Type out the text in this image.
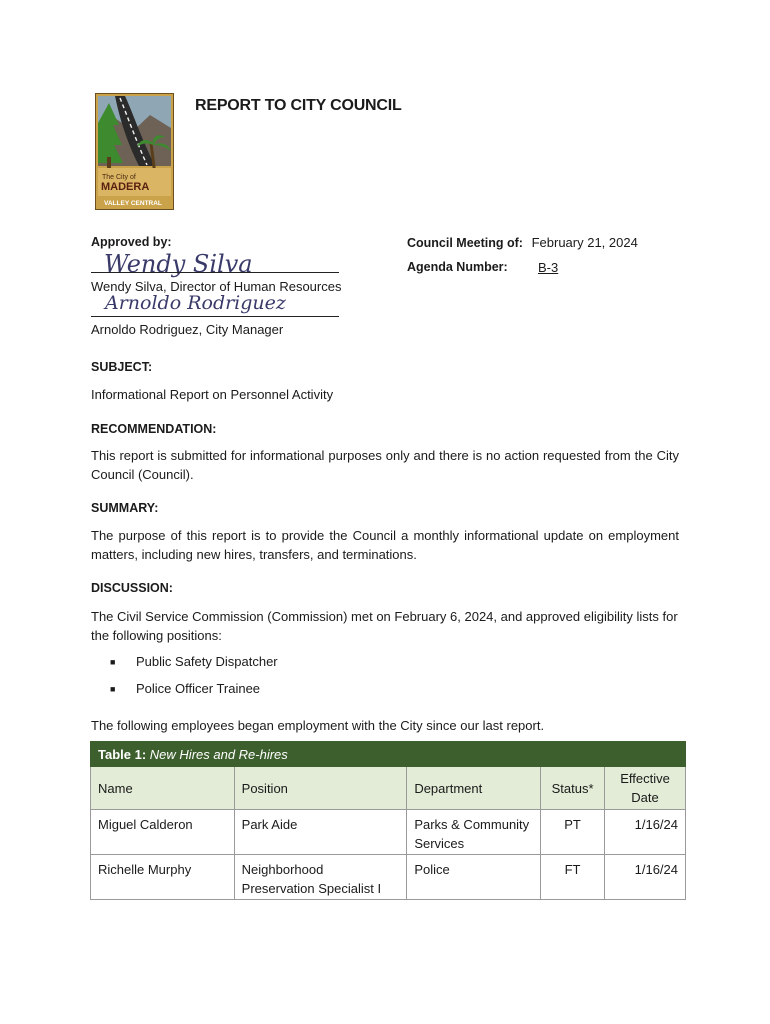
The City of
MADERA
VALLEY CENTRAL
REPORT TO CITY COUNCIL
Approved by:
Wendy Silva
Wendy Silva, Director of Human Resources
Arnoldo Rodriguez
Arnoldo Rodriguez, City Manager
Council Meeting of: February 21, 2024
Agenda Number: B-3
SUBJECT:
Informational Report on Personnel Activity
RECOMMENDATION:
This report is submitted for informational purposes only and there is no action requested from the City Council (Council).
SUMMARY:
The purpose of this report is to provide the Council a monthly informational update on employment matters, including new hires, transfers, and terminations.
DISCUSSION:
The Civil Service Commission (Commission) met on February 6, 2024, and approved eligibility lists for the following positions:
■ Public Safety Dispatcher
■ Police Officer Trainee
The following employees began employment with the City since our last report.
Table 1: New Hires and Re-hires				
Name	Position	Department	Status*	Effective Date
Miguel Calderon	Park Aide	Parks & Community Services	PT	1/16/24
Richelle Murphy	Neighborhood Preservation Specialist I	Police	FT	1/16/24
